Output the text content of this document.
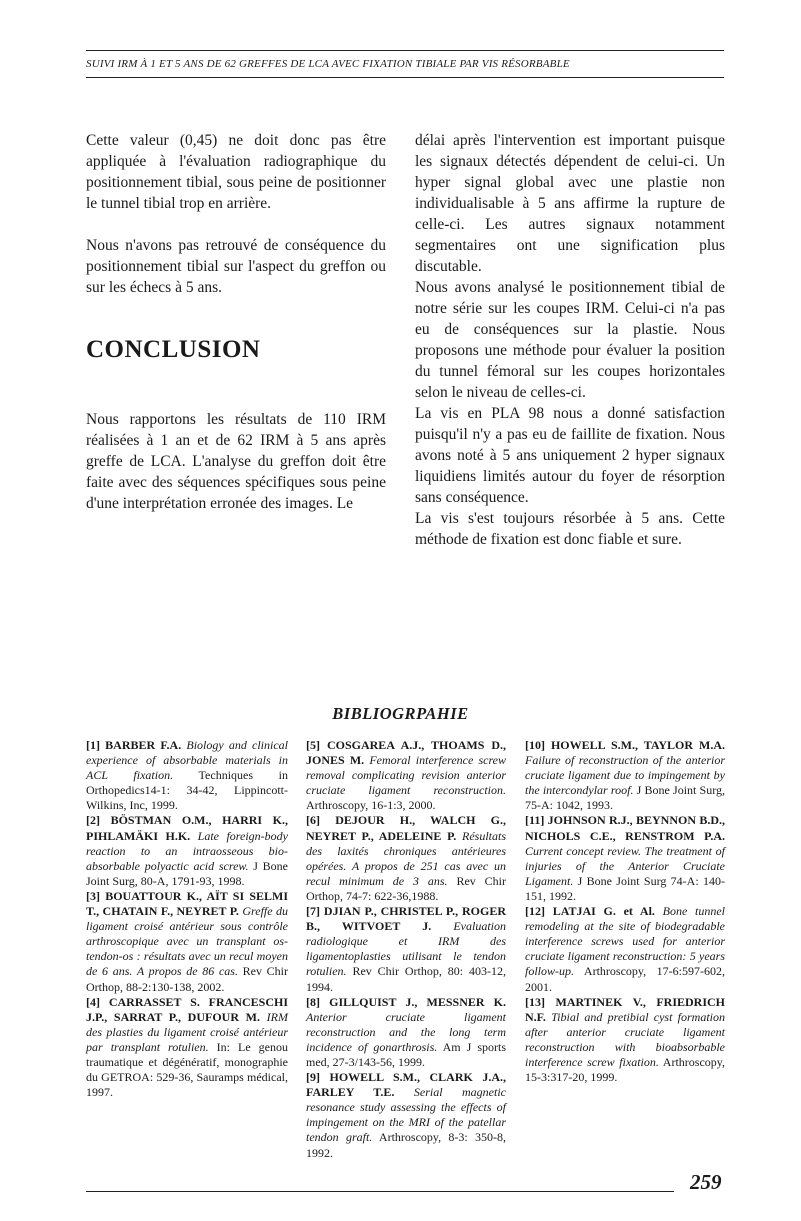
SUIVI IRM À 1 ET 5 ANS DE 62 GREFFES DE LCA AVEC FIXATION TIBIALE PAR VIS RÉSORBABLE

Cette valeur (0,45) ne doit donc pas être appliquée à l'évaluation radiographique du positionnement tibial, sous peine de positionner le tunnel tibial trop en arrière.

Nous n'avons pas retrouvé de conséquence du positionnement tibial sur l'aspect du greffon ou sur les échecs à 5 ans.

CONCLUSION

Nous rapportons les résultats de 110 IRM réalisées à 1 an et de 62 IRM à 5 ans après greffe de LCA. L'analyse du greffon doit être faite avec des séquences spécifiques sous peine d'une interprétation erronée des images. Le

délai après l'intervention est important puisque les signaux détectés dépendent de celui-ci. Un hyper signal global avec une plastie non individualisable à 5 ans affirme la rupture de celle-ci. Les autres signaux notamment segmentaires ont une signification plus discutable.

Nous avons analysé le positionnement tibial de notre série sur les coupes IRM. Celui-ci n'a pas eu de conséquences sur la plastie. Nous proposons une méthode pour évaluer la position du tunnel fémoral sur les coupes horizontales selon le niveau de celles-ci.

La vis en PLA 98 nous a donné satisfaction puisqu'il n'y a pas eu de faillite de fixation. Nous avons noté à 5 ans uniquement 2 hyper signaux liquidiens limités autour du foyer de résorption sans conséquence.

La vis s'est toujours résorbée à 5 ans. Cette méthode de fixation est donc fiable et sure.

BIBLIOGRPAHIE

[1] BARBER F.A. Biology and clinical experience of absorbable materials in ACL fixation. Techniques in Orthopedics14-1: 34-42, Lippincott-Wilkins, Inc, 1999.

[2] BÖSTMAN O.M., HARRI K., PIHLAMÄKI H.K. Late foreign-body reaction to an intraosseous bio-absorbable polyactic acid screw. J Bone Joint Surg, 80-A, 1791-93, 1998.

[3] BOUATTOUR K., AÏT SI SELMI T., CHATAIN F., NEYRET P. Greffe du ligament croisé antérieur sous contrôle arthroscopique avec un transplant os-tendon-os : résultats avec un recul moyen de 6 ans. A propos de 86 cas. Rev Chir Orthop, 88-2:130-138, 2002.

[4] CARRASSET S. FRANCESCHI J.P., SARRAT P., DUFOUR M. IRM des plasties du ligament croisé antérieur par transplant rotulien. In: Le genou traumatique et dégénératif, monographie du GETROA: 529-36, Sauramps médical, 1997.

[5] COSGAREA A.J., THOAMS D., JONES M. Femoral interference screw removal complicating revision anterior cruciate ligament reconstruction. Arthroscopy, 16-1:3, 2000.

[6] DEJOUR H., WALCH G., NEYRET P., ADELEINE P. Résultats des laxités chroniques antérieures opérées. A propos de 251 cas avec un recul minimum de 3 ans. Rev Chir Orthop, 74-7: 622-36,1988.

[7] DJIAN P., CHRISTEL P., ROGER B., WITVOET J. Evaluation radiologique et IRM des ligamentoplasties utilisant le tendon rotulien. Rev Chir Orthop, 80: 403-12, 1994.

[8] GILLQUIST J., MESSNER K. Anterior cruciate ligament reconstruction and the long term incidence of gonarthrosis. Am J sports med, 27-3/143-56, 1999.

[9] HOWELL S.M., CLARK J.A., FARLEY T.E. Serial magnetic resonance study assessing the effects of impingement on the MRI of the patellar tendon graft. Arthroscopy, 8-3: 350-8, 1992.

[10] HOWELL S.M., TAYLOR M.A. Failure of reconstruction of the anterior cruciate ligament due to impingement by the intercondylar roof. J Bone Joint Surg, 75-A: 1042, 1993.

[11] JOHNSON R.J., BEYNNON B.D., NICHOLS C.E., RENSTROM P.A. Current concept review. The treatment of injuries of the Anterior Cruciate Ligament. J Bone Joint Surg 74-A: 140-151, 1992.

[12] LATJAI G. et Al. Bone tunnel remodeling at the site of biodegradable interference screws used for anterior cruciate ligament reconstruction: 5 years follow-up. Arthroscopy, 17-6:597-602, 2001.

[13] MARTINEK V., FRIEDRICH N.F. Tibial and pretibial cyst formation after anterior cruciate ligament reconstruction with bioabsorbable interference screw fixation. Arthroscopy, 15-3:317-20, 1999.

259
